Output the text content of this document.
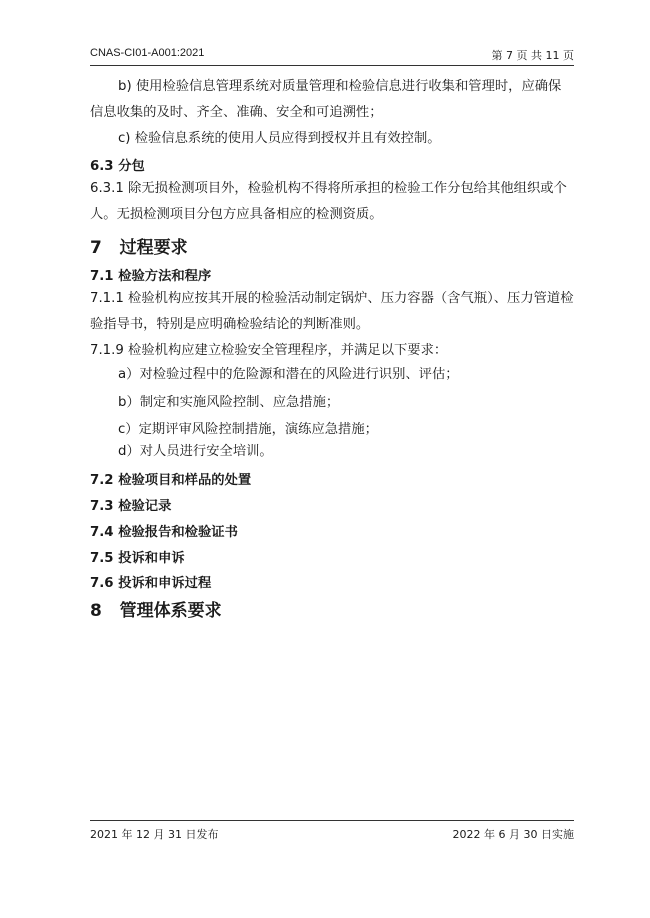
CNAS-CI01-A001:2021	第 7 页 共 11 页
b) 使用检验信息管理系统对质量管理和检验信息进行收集和管理时，应确保
信息收集的及时、齐全、准确、安全和可追溯性；
c) 检验信息系统的使用人员应得到授权并且有效控制。
6.3 分包
6.3.1 除无损检测项目外，检验机构不得将所承担的检验工作分包给其他组织或个
人。无损检测项目分包方应具备相应的检测资质。
7 过程要求
7.1 检验方法和程序
7.1.1 检验机构应按其开展的检验活动制定锅炉、压力容器（含气瓶）、压力管道检
验指导书，特别是应明确检验结论的判断准则。
7.1.9 检验机构应建立检验安全管理程序，并满足以下要求：
a）对检验过程中的危险源和潜在的风险进行识别、评估；
b）制定和实施风险控制、应急措施；
c）定期评审风险控制措施，演练应急措施；
d）对人员进行安全培训。
7.2 检验项目和样品的处置
7.3 检验记录
7.4 检验报告和检验证书
7.5 投诉和申诉
7.6 投诉和申诉过程
8 管理体系要求
2021 年 12 月 31 日发布	2022 年 6 月 30 日实施
